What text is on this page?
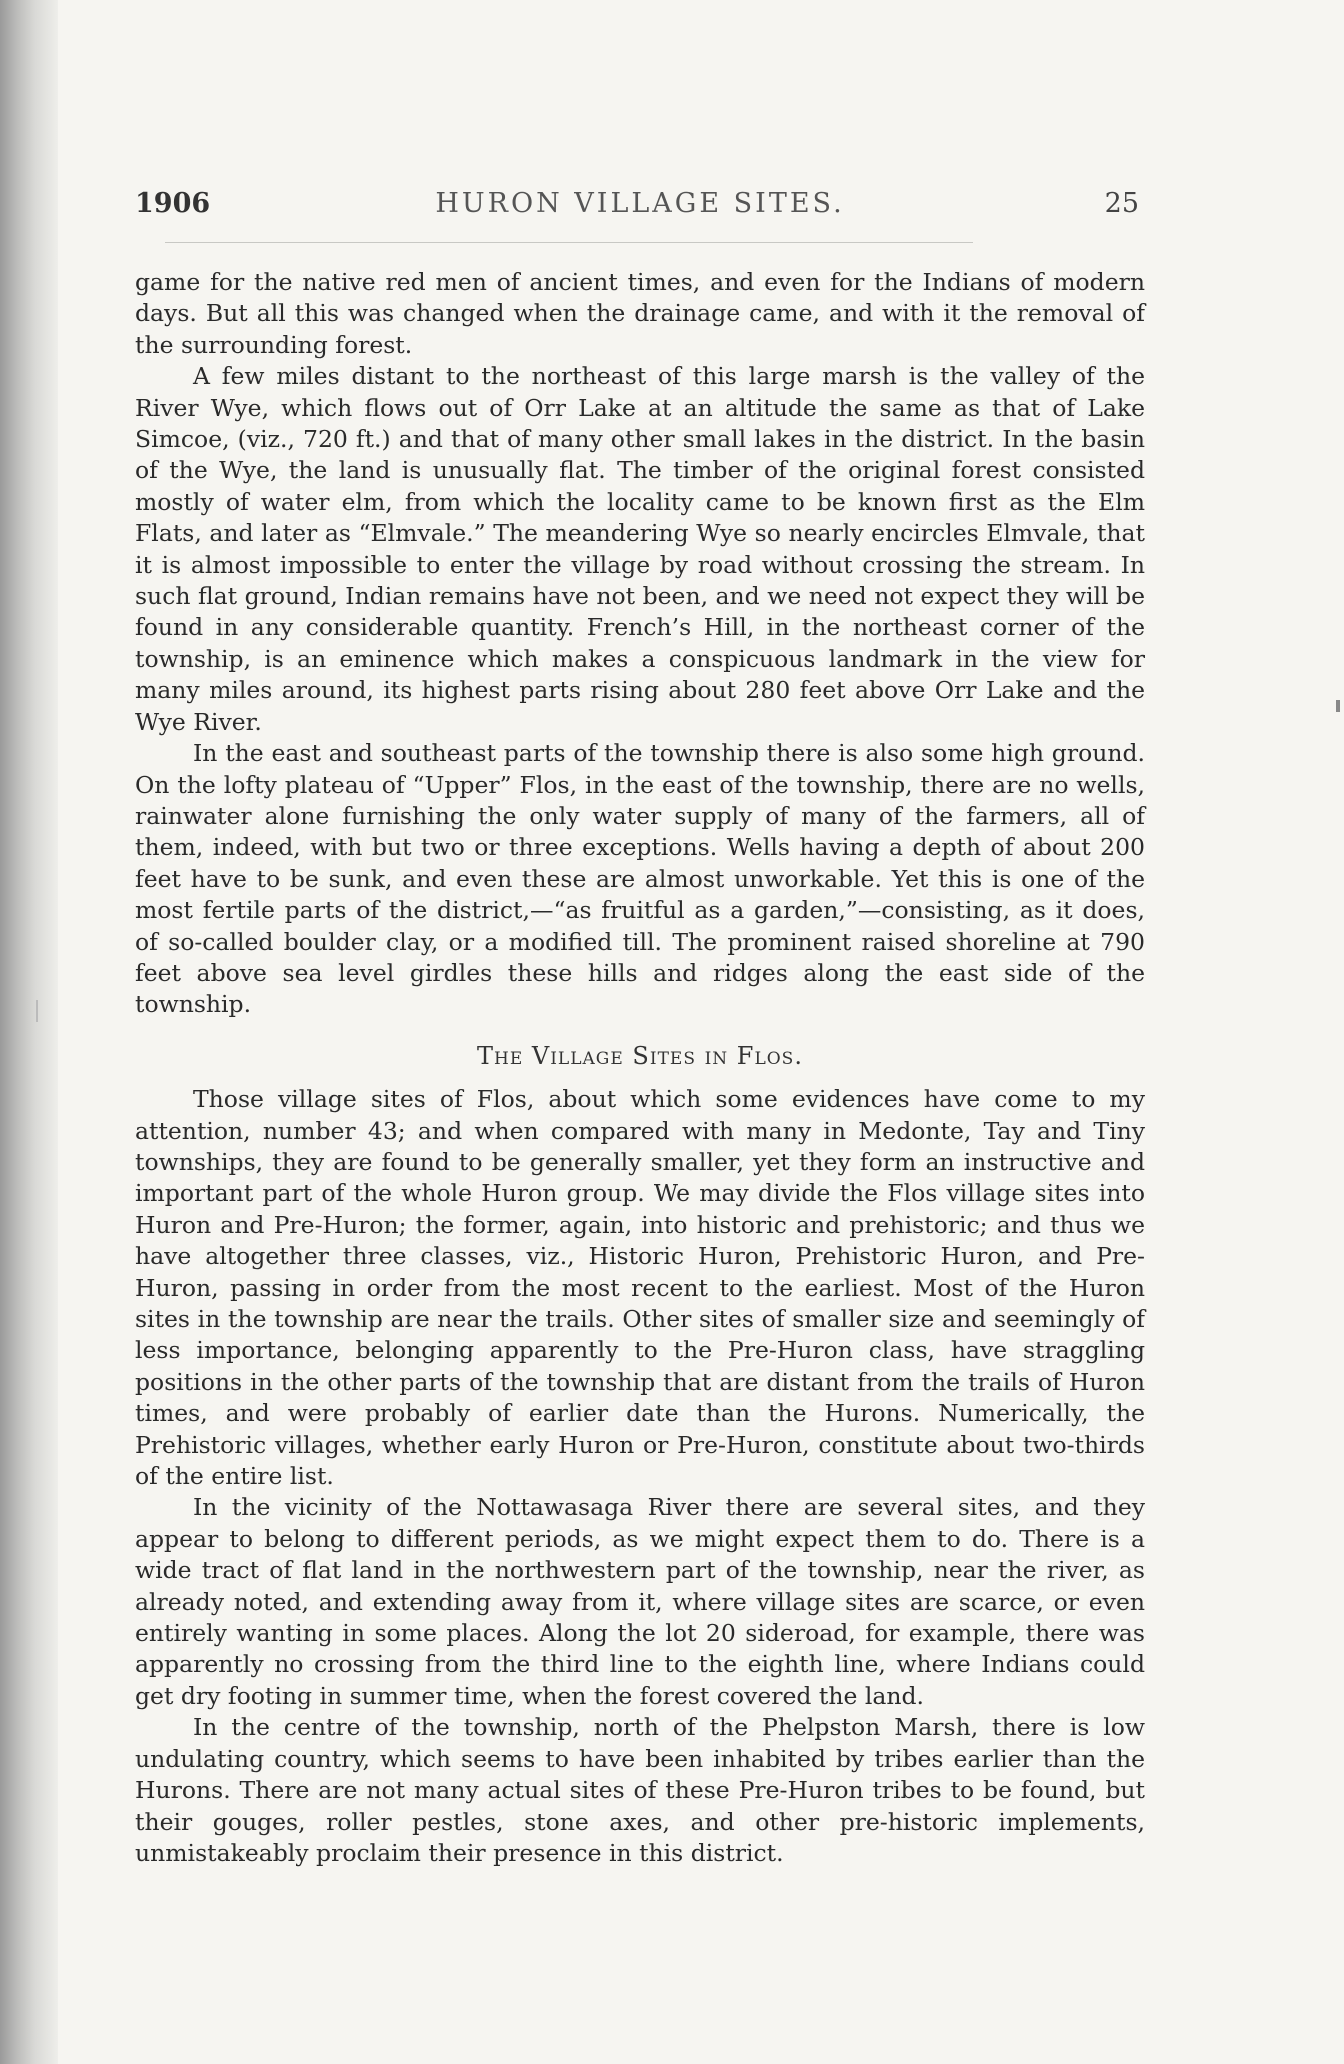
1906	HURON VILLAGE SITES.	25

game for the native red men of ancient times, and even for the Indians of modern days. But all this was changed when the drainage came, and with it the removal of the surrounding forest.

A few miles distant to the northeast of this large marsh is the valley of the River Wye, which flows out of Orr Lake at an altitude the same as that of Lake Simcoe, (viz., 720 ft.) and that of many other small lakes in the district. In the basin of the Wye, the land is unusually flat. The timber of the original forest consisted mostly of water elm, from which the locality came to be known first as the Elm Flats, and later as “Elmvale.” The meandering Wye so nearly encircles Elmvale, that it is almost impossible to enter the village by road without crossing the stream. In such flat ground, Indian remains have not been, and we need not expect they will be found in any considerable quantity. French’s Hill, in the northeast corner of the township, is an eminence which makes a conspicuous landmark in the view for many miles around, its highest parts rising about 280 feet above Orr Lake and the Wye River.

In the east and southeast parts of the township there is also some high ground. On the lofty plateau of “Upper” Flos, in the east of the township, there are no wells, rainwater alone furnishing the only water supply of many of the farmers, all of them, indeed, with but two or three exceptions. Wells having a depth of about 200 feet have to be sunk, and even these are almost unworkable. Yet this is one of the most fertile parts of the district,—“as fruitful as a garden,”—consisting, as it does, of so-called boulder clay, or a modified till. The prominent raised shoreline at 790 feet above sea level girdles these hills and ridges along the east side of the township.

The Village Sites in Flos.

Those village sites of Flos, about which some evidences have come to my attention, number 43; and when compared with many in Medonte, Tay and Tiny townships, they are found to be generally smaller, yet they form an instructive and important part of the whole Huron group. We may divide the Flos village sites into Huron and Pre-Huron; the former, again, into historic and prehistoric; and thus we have altogether three classes, viz., Historic Huron, Prehistoric Huron, and Pre-Huron, passing in order from the most recent to the earliest. Most of the Huron sites in the township are near the trails. Other sites of smaller size and seemingly of less importance, belonging apparently to the Pre-Huron class, have straggling positions in the other parts of the township that are distant from the trails of Huron times, and were probably of earlier date than the Hurons. Numerically, the Prehistoric villages, whether early Huron or Pre-Huron, constitute about two-thirds of the entire list.

In the vicinity of the Nottawasaga River there are several sites, and they appear to belong to different periods, as we might expect them to do. There is a wide tract of flat land in the northwestern part of the township, near the river, as already noted, and extending away from it, where village sites are scarce, or even entirely wanting in some places. Along the lot 20 sideroad, for example, there was apparently no crossing from the third line to the eighth line, where Indians could get dry footing in summer time, when the forest covered the land.

In the centre of the township, north of the Phelpston Marsh, there is low undulating country, which seems to have been inhabited by tribes earlier than the Hurons. There are not many actual sites of these Pre-Huron tribes to be found, but their gouges, roller pestles, stone axes, and other pre-historic implements, unmistakeably proclaim their presence in this district.
